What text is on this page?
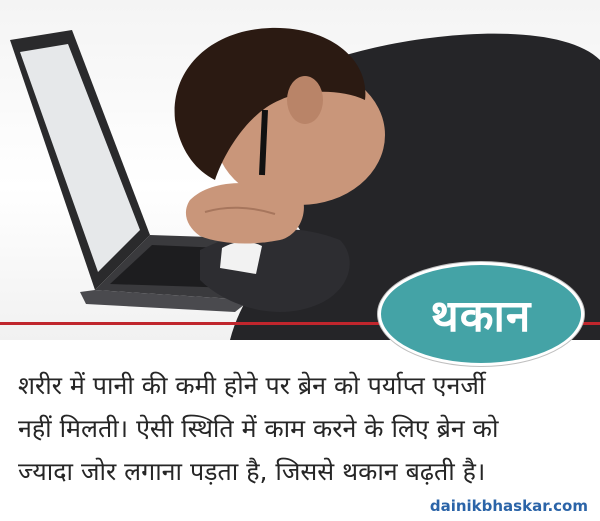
थकान
शरीर में पानी की कमी होने पर ब्रेन को पर्याप्त एनर्जी
नहीं मिलती। ऐसी स्थिति में काम करने के लिए ब्रेन को
ज्यादा जोर लगाना पड़ता है, जिससे थकान बढ़ती है।
dainikbhaskar.com
